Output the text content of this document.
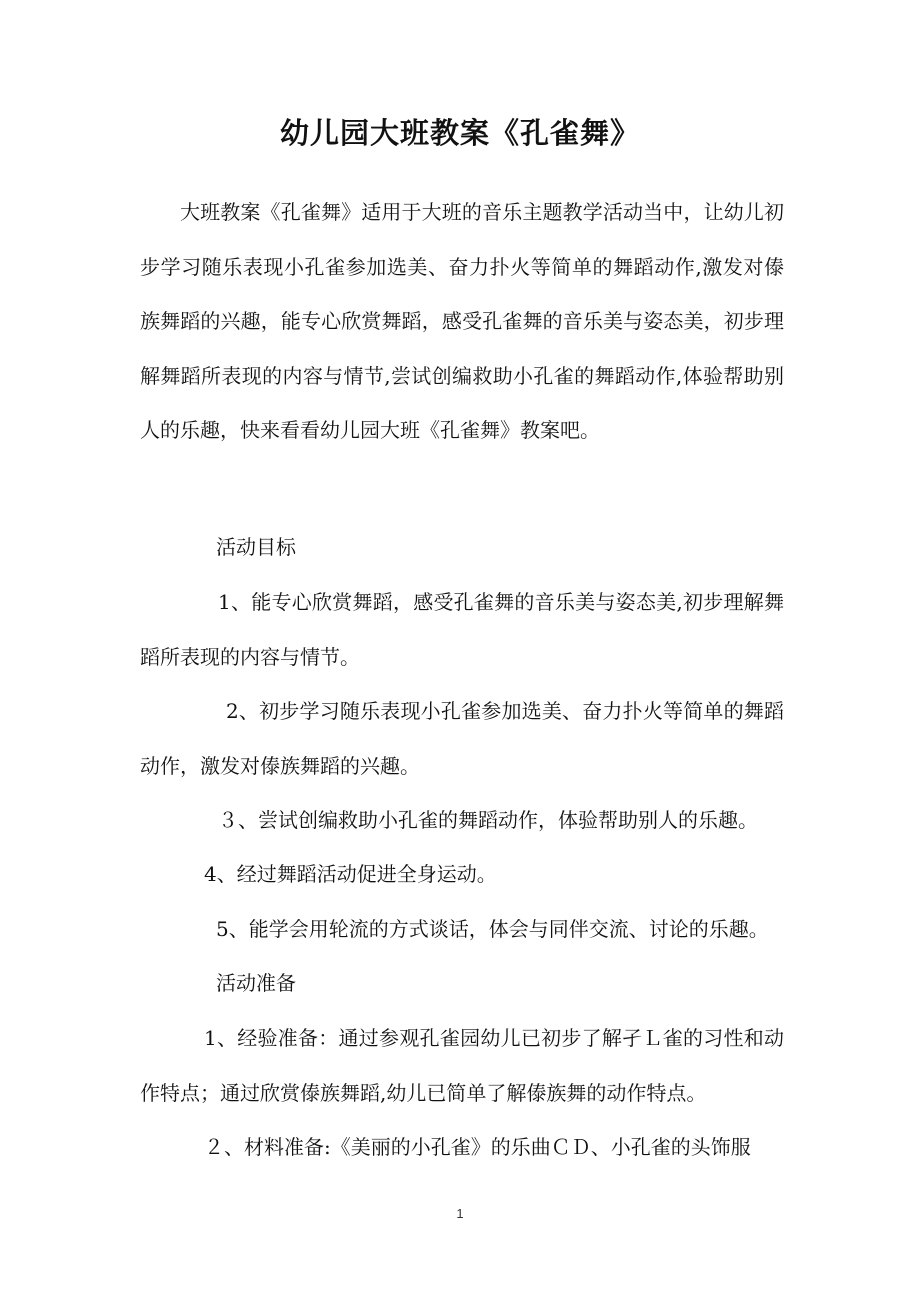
幼儿园大班教案《孔雀舞》

大班教案《孔雀舞》适用于大班的音乐主题教学活动当中，让幼儿初步学习随乐表现小孔雀参加选美、奋力扑火等简单的舞蹈动作,激发对傣族舞蹈的兴趣，能专心欣赏舞蹈，感受孔雀舞的音乐美与姿态美，初步理解舞蹈所表现的内容与情节,尝试创编救助小孔雀的舞蹈动作,体验帮助别人的乐趣，快来看看幼儿园大班《孔雀舞》教案吧。

活动目标

1、能专心欣赏舞蹈，感受孔雀舞的音乐美与姿态美,初步理解舞蹈所表现的内容与情节。

2、初步学习随乐表现小孔雀参加选美、奋力扑火等简单的舞蹈动作，激发对傣族舞蹈的兴趣。

３、尝试创编救助小孔雀的舞蹈动作，体验帮助别人的乐趣。

4、经过舞蹈活动促进全身运动。

5、能学会用轮流的方式谈话，体会与同伴交流、讨论的乐趣。

活动准备

1、经验准备：通过参观孔雀园幼儿已初步了解孑Ｌ雀的习性和动作特点；通过欣赏傣族舞蹈,幼儿已简单了解傣族舞的动作特点。

２、材料准备:《美丽的小孔雀》的乐曲ＣＤ、小孔雀的头饰服

1
